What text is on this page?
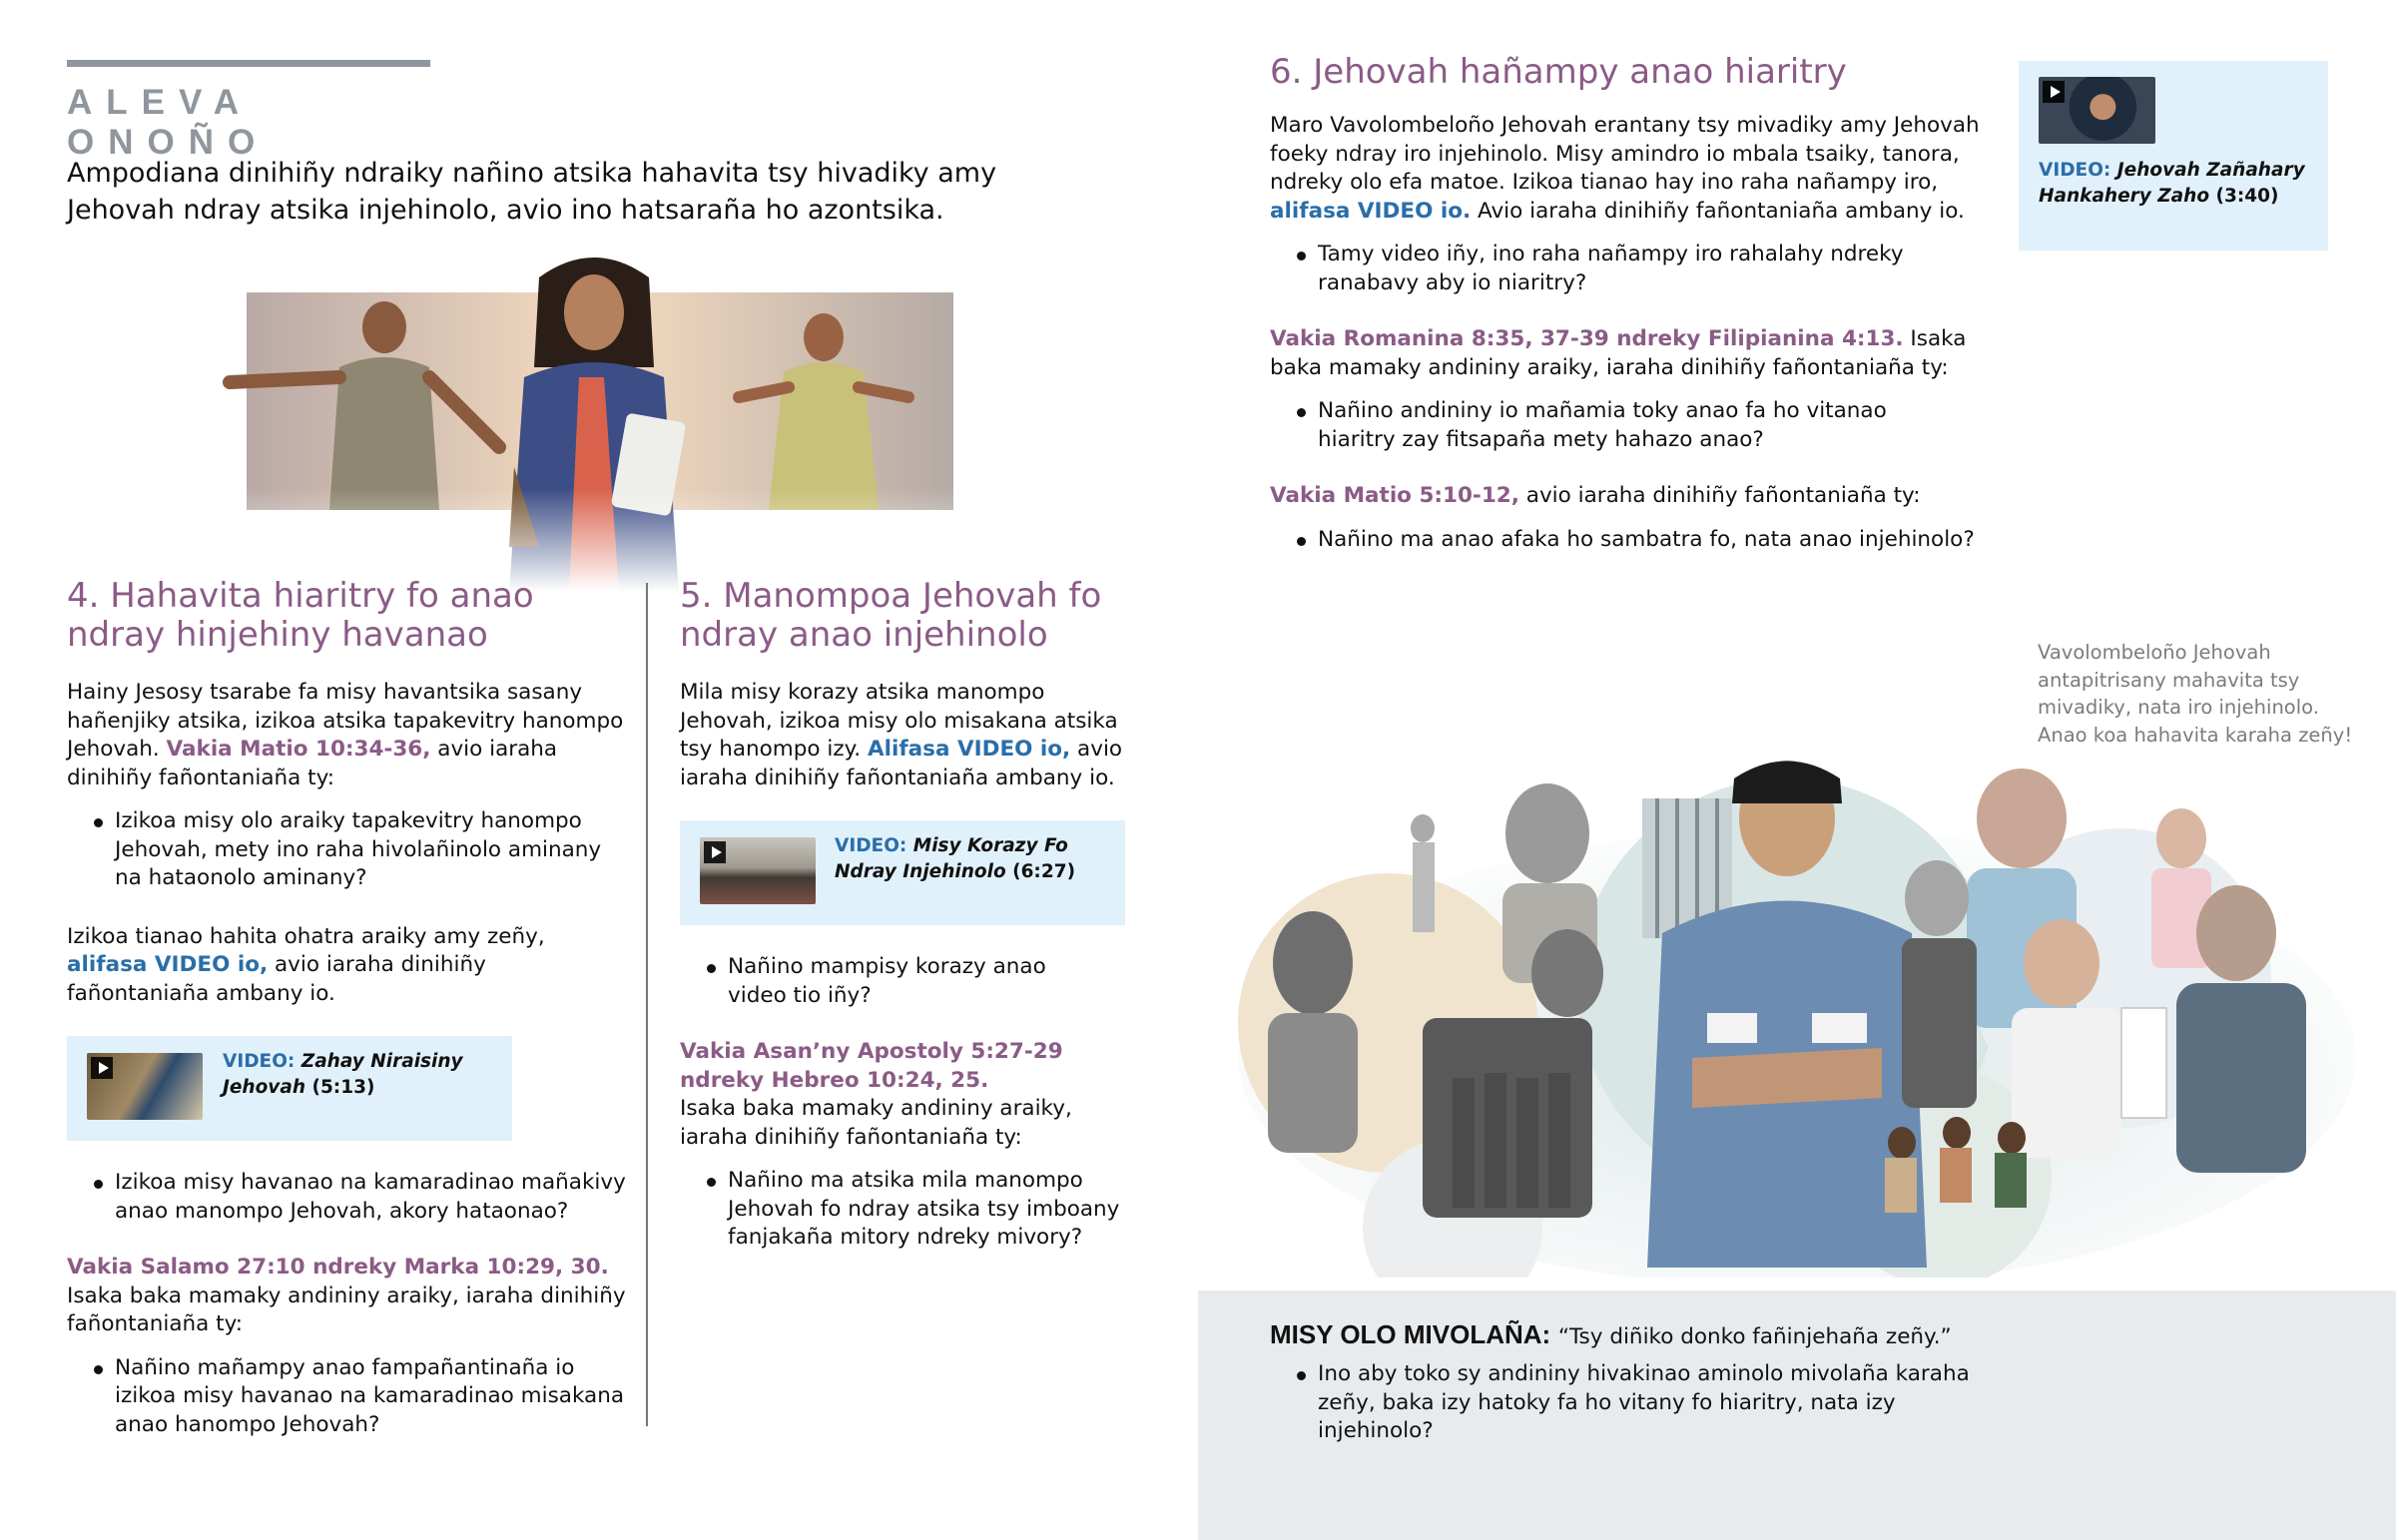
ALEVA ONOÑO
Ampodiana dinihiñy ndraiky nañino atsika hahavita tsy hivadiky amy Jehovah ndray atsika injehinolo, avio ino hatsaraña ho azontsika.
4. Hahavita hiaritry fo anao
ndray hinjehiny havanao

Hainy Jesosy tsarabe fa misy havantsika sasany hañenjiky atsika, izikoa atsika tapakevitry hanompo Jehovah. Vakia Matio 10:34-36, avio iaraha dinihiñy fañontaniaña ty:

Izikoa misy olo araiky tapakevitry hanompo Jehovah, mety ino raha hivolañinolo aminany na hataonolo aminany?

Izikoa tianao hahita ohatra araiky amy zeñy, alifasa VIDEO io, avio iaraha dinihiñy fañontaniaña ambany io.

VIDEO: Zahay Niraisiny Jehovah (5:13)
Izikoa misy havanao na kamaradinao mañakivy anao manompo Jehovah, akory hataonao?

Vakia Salamo 27:10 ndreky Marka 10:29, 30.

Isaka baka mamaky andininy araiky, iaraha dinihiñy fañontaniaña ty:

Nañino mañampy anao fampañantinaña io izikoa misy havanao na kamaradinao misakana anao hanompo Jehovah?
5. Manompoa Jehovah fo
ndray anao injehinolo

Mila misy korazy atsika manompo Jehovah, izikoa misy olo misakana atsika tsy hanompo izy. Alifasa VIDEO io, avio iaraha dinihiñy fañontaniaña ambany io.

VIDEO: Misy Korazy Fo Ndray Injehinolo (6:27)
Nañino mampisy korazy anao video tio iñy?

Vakia Asan’ny Apostoly 5:27-29
ndreky Hebreo 10:24, 25.

Isaka baka mamaky andininy araiky, iaraha dinihiñy fañontaniaña ty:

Nañino ma atsika mila manompo Jehovah fo ndray atsika tsy imboany fanjakaña mitory ndreky mivory?
6. Jehovah hañampy anao hiaritry

Maro Vavolombeloño Jehovah erantany tsy mivadiky amy Jehovah foeky ndray iro injehinolo. Misy amindro io mbala tsaiky, tanora, ndreky olo efa matoe. Izikoa tianao hay ino raha nañampy iro, alifasa VIDEO io. Avio iaraha dinihiñy fañontaniaña ambany io.

Tamy video iñy, ino raha nañampy iro rahalahy ndreky ranabavy aby io niaritry?

Vakia Romanina 8:35, 37-39 ndreky Filipianina 4:13. Isaka baka mamaky andininy araiky, iaraha dinihiñy fañontaniaña ty:

Nañino andininy io mañamia toky anao fa ho vitanao hiaritry zay fitsapaña mety hahazo anao?

Vakia Matio 5:10-12, avio iaraha dinihiñy fañontaniaña ty:

Nañino ma anao afaka ho sambatra fo, nata anao injehinolo?
VIDEO: Jehovah Zañahary Hankahery Zaho (3:40)
Vavolombeloño Jehovah antapitrisany mahavita tsy mivadiky, nata iro injehinolo. Anao koa hahavita karaha zeñy!

MISY OLO MIVOLAÑA: “Tsy diñiko donko fañinjehaña zeñy.”

Ino aby toko sy andininy hivakinao aminolo mivolaña karaha zeñy, baka izy hatoky fa ho vitany fo hiaritry, nata izy injehinolo?
